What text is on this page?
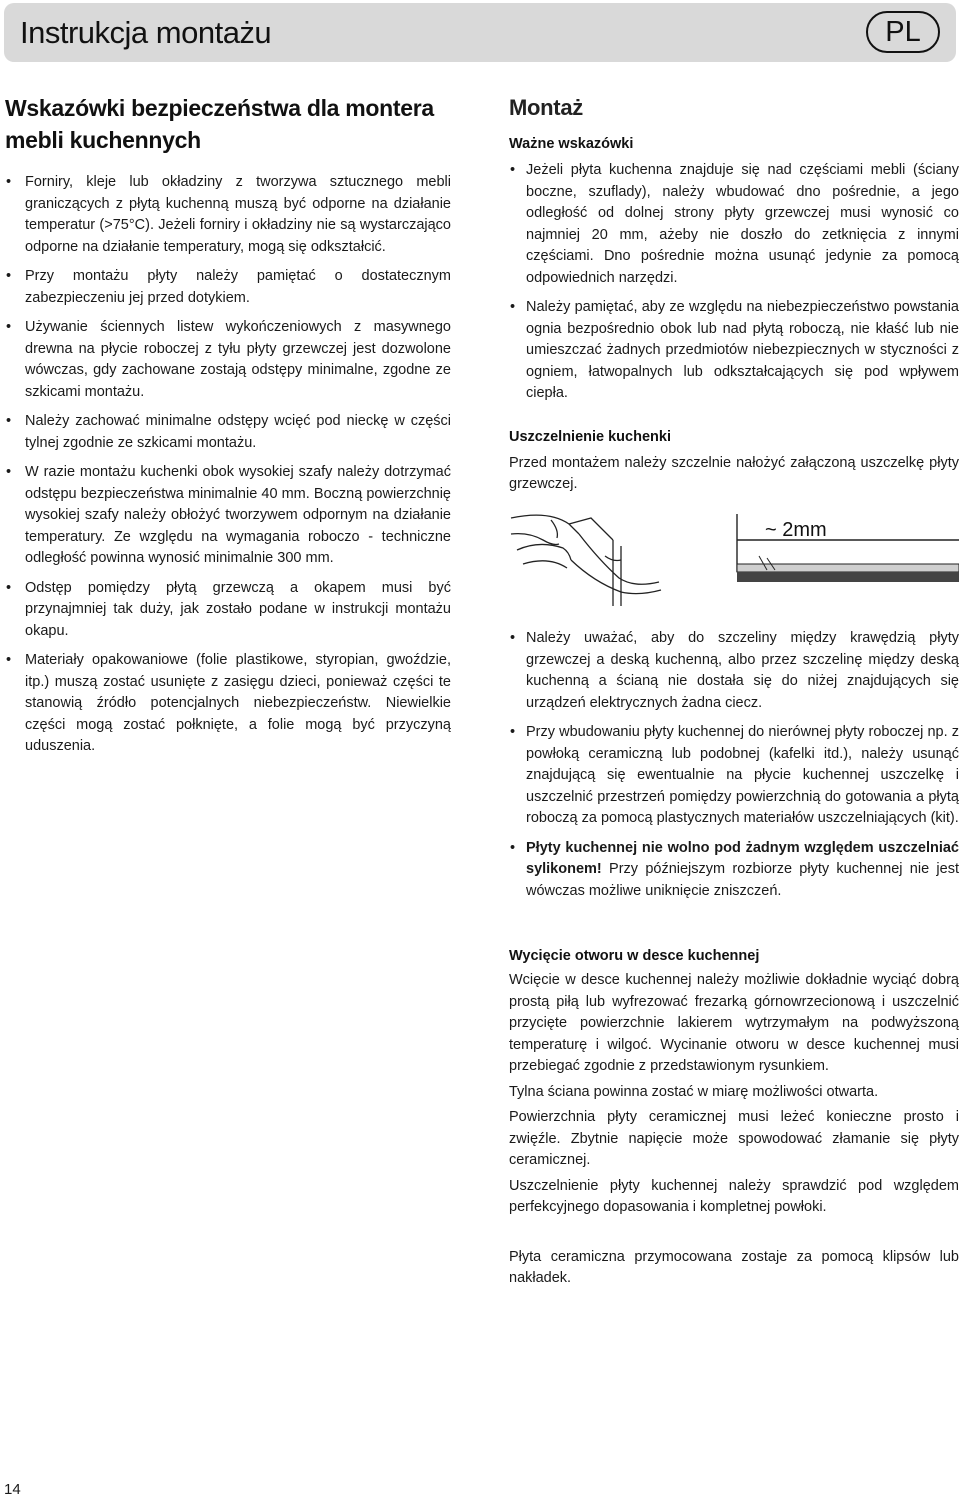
Instrukcja montażu	PL
Wskazówki bezpieczeństwa dla montera mebli kuchennych
• Forniry, kleje lub okładziny z tworzywa sztucznego mebli graniczących z płytą kuchenną muszą być odporne na działanie temperatur (>75°C). Jeżeli forniry i okładziny nie są wystarczająco odporne na działanie temperatury, mogą się odkształcić.
• Przy montażu płyty należy pamiętać o dostatecznym zabezpieczeniu jej przed dotykiem.
• Używanie ściennych listew wykończeniowych z masywnego drewna na płycie roboczej z tyłu płyty grzewczej jest dozwolone wówczas, gdy zachowane zostają odstępy minimalne, zgodne ze szkicami montażu.
• Należy zachować minimalne odstępy wcięć pod nieckę w części tylnej zgodnie ze szkicami montażu.
• W razie montażu kuchenki obok wysokiej szafy należy dotrzymać odstępu bezpieczeństwa minimalnie 40 mm. Boczną powierzchnię wysokiej szafy należy obłożyć tworzywem odpornym na działanie temperatury. Ze względu na wymagania roboczo - techniczne odległość powinna wynosić minimalnie 300 mm.
• Odstęp pomiędzy płytą grzewczą a okapem musi być przynajmniej tak duży, jak zostało podane w instrukcji montażu okapu.
• Materiały opakowaniowe (folie plastikowe, styropian, gwoździe, itp.) muszą zostać usunięte z zasięgu dzieci, ponieważ części te stanowią źródło potencjalnych niebezpieczeństw. Niewielkie części mogą zostać połknięte, a folie mogą być przyczyną uduszenia.
Montaż
Ważne wskazówki
• Jeżeli płyta kuchenna znajduje się nad częściami mebli (ściany boczne, szuflady), należy wbudować dno pośrednie, a jego odległość od dolnej strony płyty grzewczej musi wynosić co najmniej 20 mm, ażeby nie doszło do zetknięcia z innymi częściami. Dno pośrednie można usunąć jedynie za pomocą odpowiednich narzędzi.
• Należy pamiętać, aby ze względu na niebezpieczeństwo powstania ognia bezpośrednio obok lub nad płytą roboczą, nie kłaść lub nie umieszczać żadnych przedmiotów niebezpiecznych w styczności z ogniem, łatwopalnych lub odkształcających się pod wpływem ciepła.
Uszczelnienie kuchenki

Przed montażem należy szczelnie nałożyć załączoną uszczelkę płyty grzewczej.

~ 2mm
• Należy uważać, aby do szczeliny między krawędzią płyty grzewczej a deską kuchenną, albo przez szczelinę między deską kuchenną a ścianą nie dostała się do niżej znajdujących się urządzeń elektrycznych żadna ciecz.
• Przy wbudowaniu płyty kuchennej do nierównej płyty roboczej np. z powłoką ceramiczną lub podobnej (kafelki itd.), należy usunąć znajdującą się ewentualnie na płycie kuchennej uszczelkę i uszczelnić przestrzeń pomiędzy powierzchnią do gotowania a płytą roboczą za pomocą plastycznych materiałów uszczelniających (kit).
• Płyty kuchennej nie wolno pod żadnym względem uszczelniać sylikonem! Przy późniejszym rozbiorze płyty kuchennej nie jest wówczas możliwe uniknięcie zniszczeń.
Wycięcie otworu w desce kuchennej

Wcięcie w desce kuchennej należy możliwie dokładnie wyciąć dobrą prostą piłą lub wyfrezować frezarką górnowrzecionową i uszczelnić przycięte powierzchnie lakierem wytrzymałym na podwyższoną temperaturę i wilgoć. Wycinanie otworu w desce kuchennej musi przebiegać zgodnie z przedstawionym rysunkiem.

Tylna ściana powinna zostać w miarę możliwości otwarta.

Powierzchnia płyty ceramicznej musi leżeć konieczne prosto i zwięźle. Zbytnie napięcie może spowodować złamanie się płyty ceramicznej.

Uszczelnienie płyty kuchennej należy sprawdzić pod względem perfekcyjnego dopasowania i kompletnej powłoki.

Płyta ceramiczna przymocowana zostaje za pomocą klipsów lub nakładek.

14
